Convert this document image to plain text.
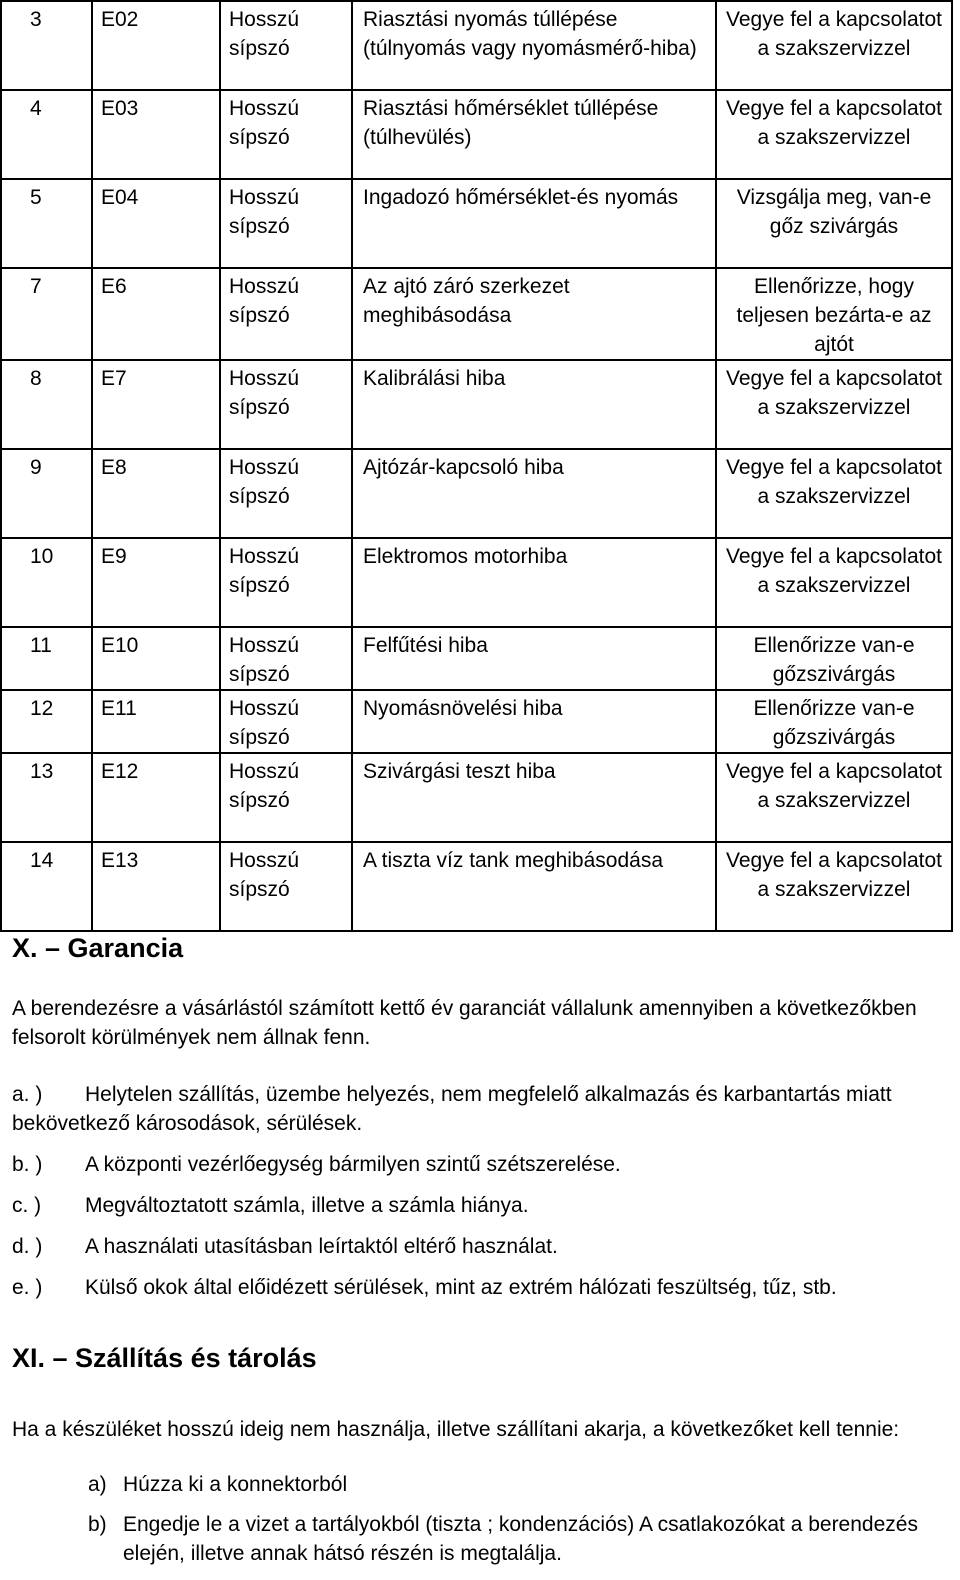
3	E02	Hosszú sípszó	Riasztási nyomás túllépése (túlnyomás vagy nyomásmérő-hiba)	Vegye fel a kapcsolatot a szakszervizzel
4	E03	Hosszú sípszó	Riasztási hőmérséklet túllépése (túlhevülés)	Vegye fel a kapcsolatot a szakszervizzel
5	E04	Hosszú sípszó	Ingadozó hőmérséklet-és nyomás	Vizsgálja meg, van-e gőz szivárgás
7	E6	Hosszú sípszó	Az ajtó záró szerkezet meghibásodása	Ellenőrizze, hogy teljesen bezárta-e az ajtót
8	E7	Hosszú sípszó	Kalibrálási hiba	Vegye fel a kapcsolatot a szakszervizzel
9	E8	Hosszú sípszó	Ajtózár-kapcsoló hiba	Vegye fel a kapcsolatot a szakszervizzel
10	E9	Hosszú sípszó	Elektromos motorhiba	Vegye fel a kapcsolatot a szakszervizzel
11	E10	Hosszú sípszó	Felfűtési hiba	Ellenőrizze van-e gőzszivárgás
12	E11	Hosszú sípszó	Nyomásnövelési hiba	Ellenőrizze van-e gőzszivárgás
13	E12	Hosszú sípszó	Szivárgási teszt hiba	Vegye fel a kapcsolatot a szakszervizzel
14	E13	Hosszú sípszó	A tiszta víz tank meghibásodása	Vegye fel a kapcsolatot a szakszervizzel
X. – Garancia
A berendezésre a vásárlástól számított kettő év garanciát vállalunk amennyiben a következőkben felsorolt körülmények nem állnak fenn.
a. ) Helytelen szállítás, üzembe helyezés, nem megfelelő alkalmazás és karbantartás miatt bekövetkező károsodások, sérülések.
b. ) A központi vezérlőegység bármilyen szintű szétszerelése.
c. ) Megváltoztatott számla, illetve a számla hiánya.
d. ) A használati utasításban leírtaktól eltérő használat.
e. ) Külső okok által előidézett sérülések, mint az extrém hálózati feszültség, tűz, stb.
XI. – Szállítás és tárolás
Ha a készüléket hosszú ideig nem használja, illetve szállítani akarja, a következőket kell tennie:
a) Húzza ki a konnektorból
b) Engedje le a vizet a tartályokból (tiszta ; kondenzációs) A csatlakozókat a berendezés elején, illetve annak hátsó részén is megtalálja.
